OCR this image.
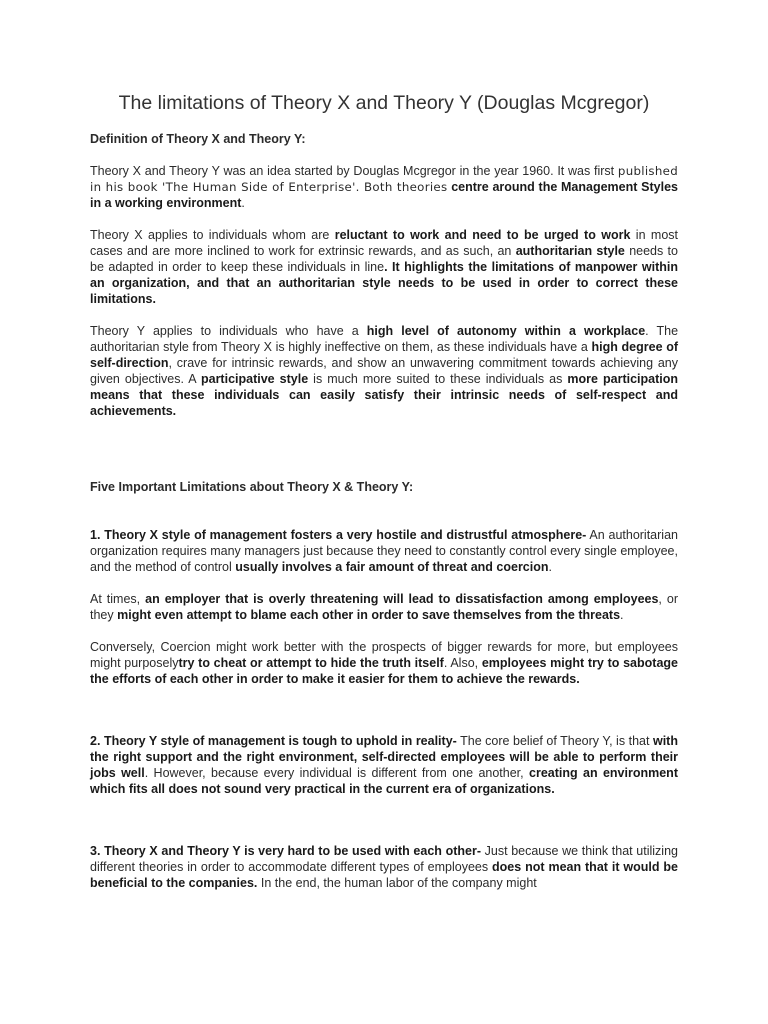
The limitations of Theory X and Theory Y (Douglas Mcgregor)

Definition of Theory X and Theory Y:

Theory X and Theory Y was an idea started by Douglas Mcgregor in the year 1960. It was first published in his book 'The Human Side of Enterprise'. Both theories centre around the Management Styles in a working environment.

Theory X applies to individuals whom are reluctant to work and need to be urged to work in most cases and are more inclined to work for extrinsic rewards, and as such, an authoritarian style needs to be adapted in order to keep these individuals in line. It highlights the limitations of manpower within an organization, and that an authoritarian style needs to be used in order to correct these limitations.

Theory Y applies to individuals who have a high level of autonomy within a workplace. The authoritarian style from Theory X is highly ineffective on them, as these individuals have a high degree of self-direction, crave for intrinsic rewards, and show an unwavering commitment towards achieving any given objectives. A participative style is much more suited to these individuals as more participation means that these individuals can easily satisfy their intrinsic needs of self-respect and achievements.

Five Important Limitations about Theory X & Theory Y:

1. Theory X style of management fosters a very hostile and distrustful atmosphere- An authoritarian organization requires many managers just because they need to constantly control every single employee, and the method of control usually involves a fair amount of threat and coercion.

At times, an employer that is overly threatening will lead to dissatisfaction among employees, or they might even attempt to blame each other in order to save themselves from the threats.

Conversely, Coercion might work better with the prospects of bigger rewards for more, but employees might purposelytry to cheat or attempt to hide the truth itself. Also, employees might try to sabotage the efforts of each other in order to make it easier for them to achieve the rewards.

2. Theory Y style of management is tough to uphold in reality- The core belief of Theory Y, is that with the right support and the right environment, self-directed employees will be able to perform their jobs well. However, because every individual is different from one another, creating an environment which fits all does not sound very practical in the current era of organizations.

3. Theory X and Theory Y is very hard to be used with each other- Just because we think that utilizing different theories in order to accommodate different types of employees does not mean that it would be beneficial to the companies. In the end, the human labor of the company might
